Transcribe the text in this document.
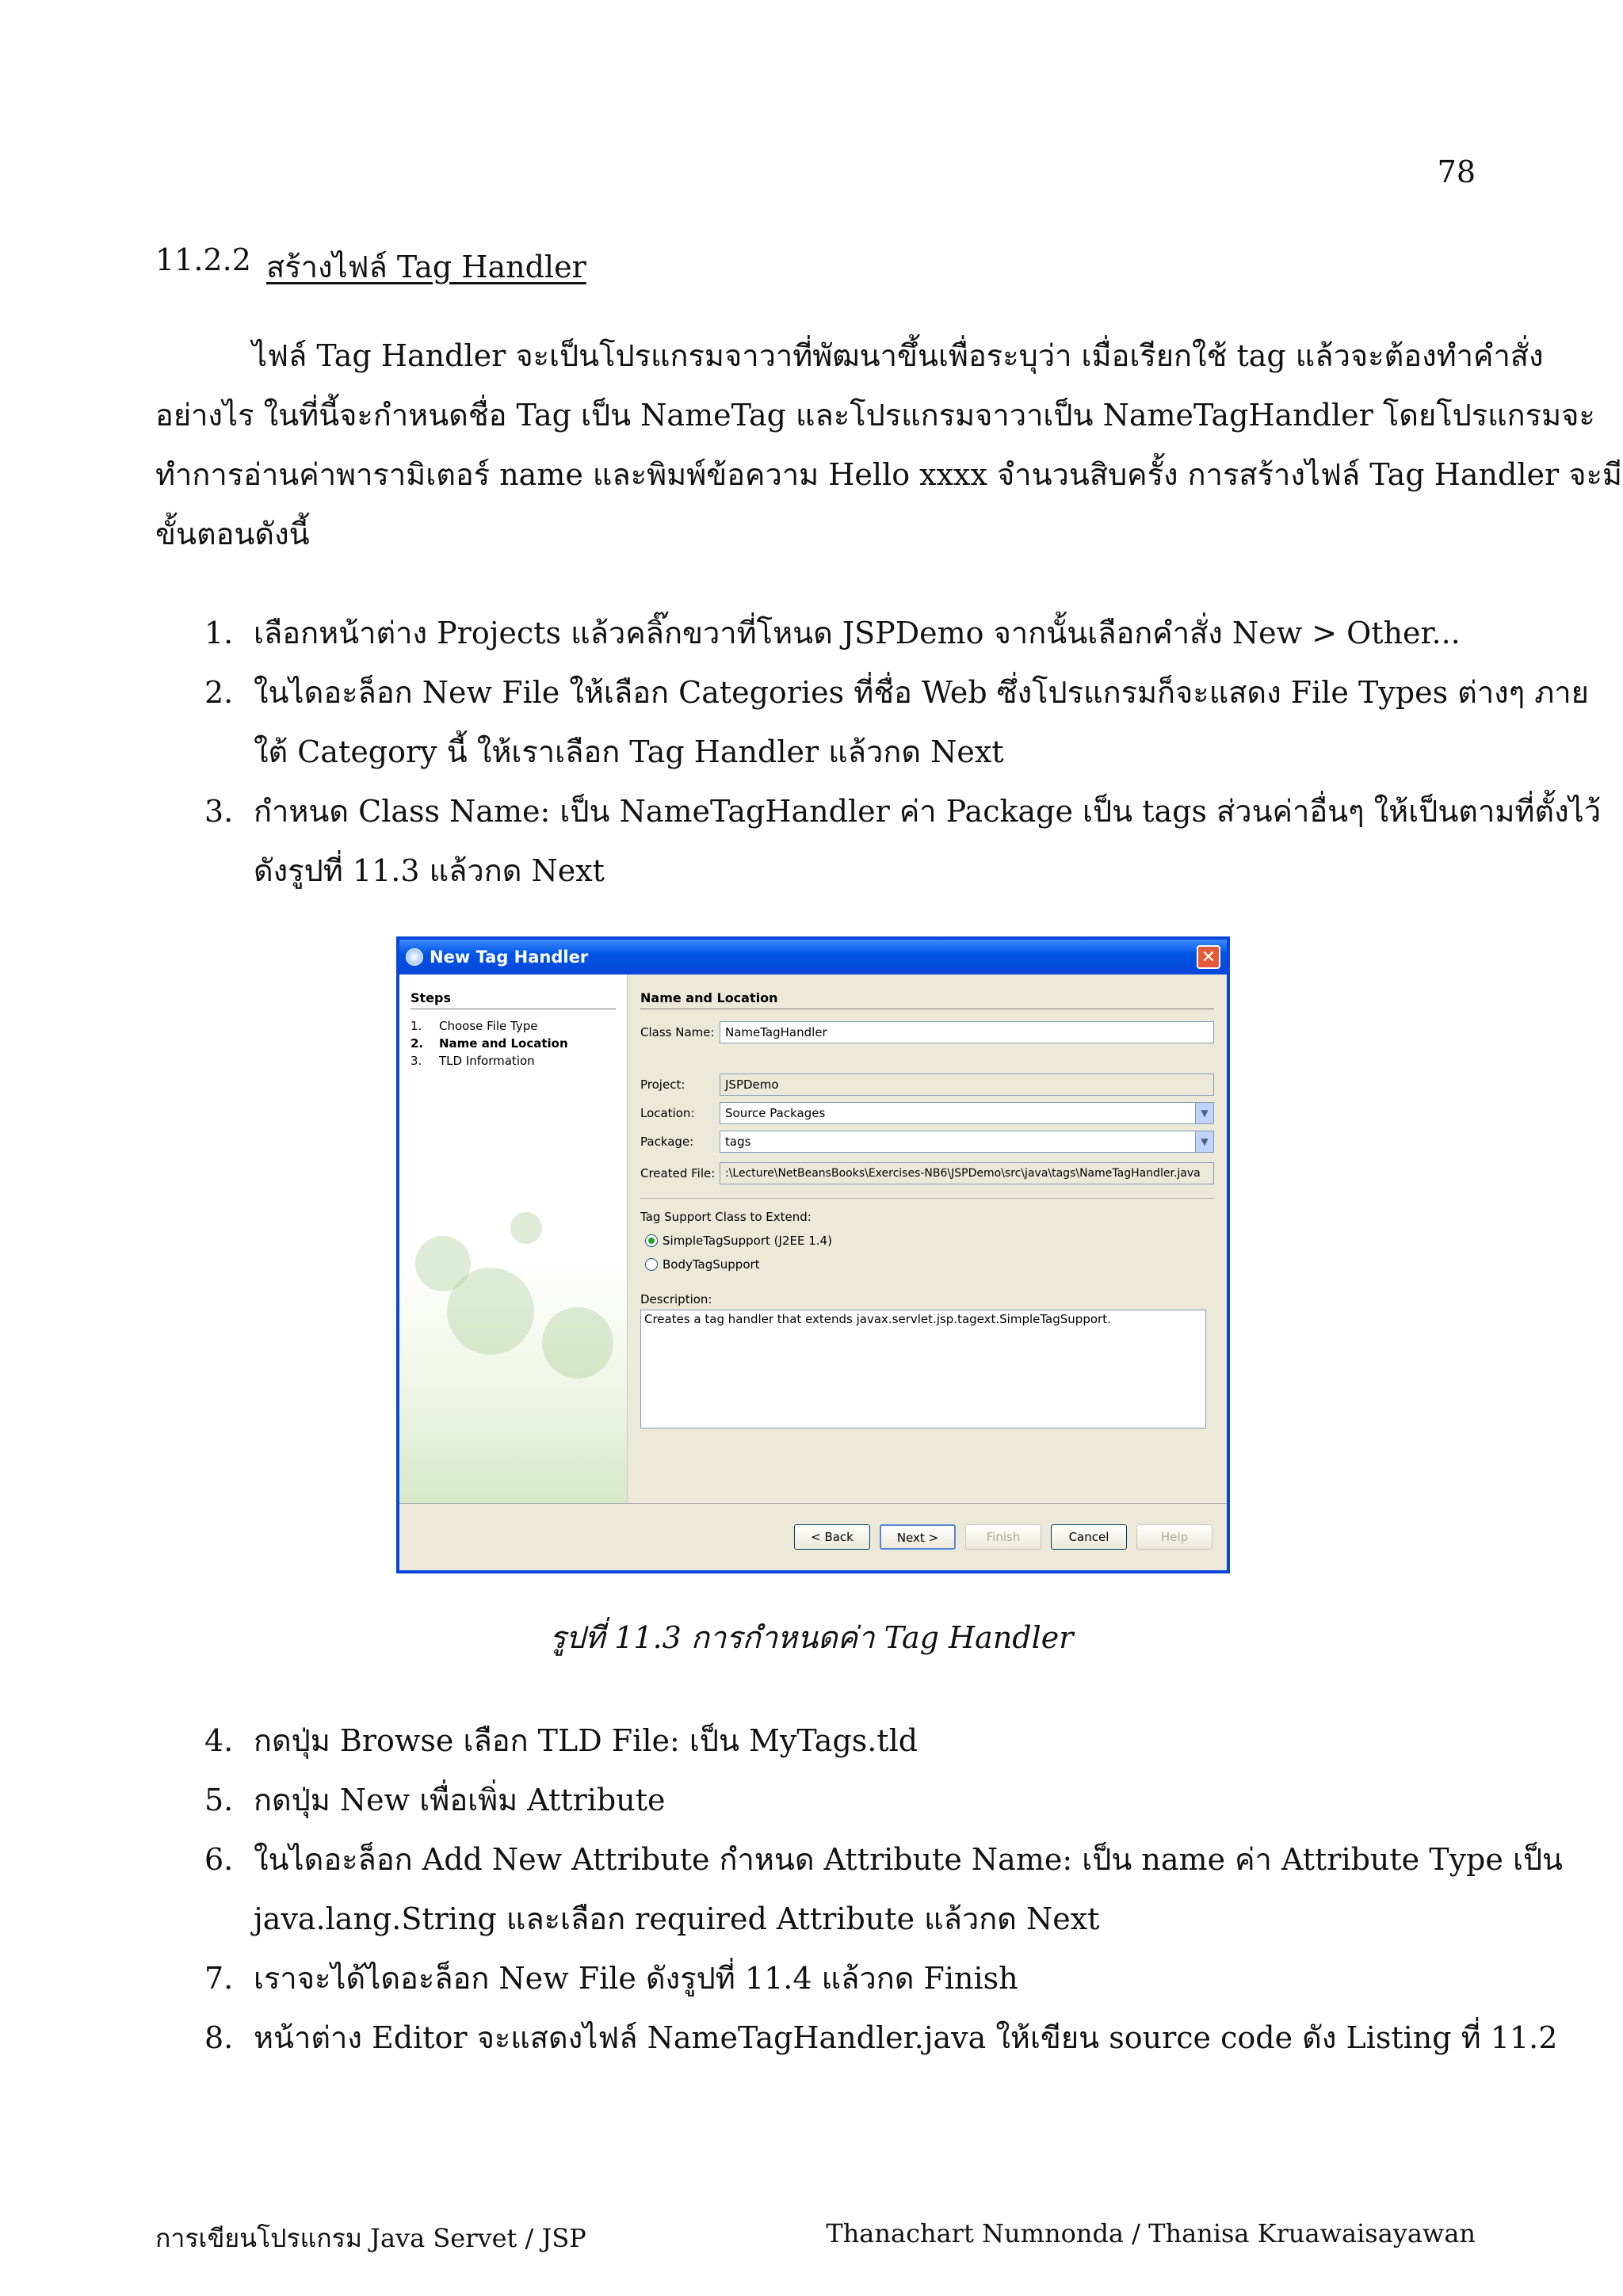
78
11.2.2 สร้างไฟล์ Tag Handler
ไฟล์ Tag Handler จะเป็นโปรแกรมจาวาที่พัฒนาขึ้นเพื่อระบุว่า เมื่อเรียกใช้ tag แล้วจะต้องทำคำสั่ง
อย่างไร ในที่นี้จะกำหนดชื่อ Tag เป็น NameTag และโปรแกรมจาวาเป็น NameTagHandler โดยโปรแกรมจะ
ทำการอ่านค่าพารามิเตอร์ name และพิมพ์ข้อความ Hello xxxx จำนวนสิบครั้ง การสร้างไฟล์ Tag Handler จะมี
ขั้นตอนดังนี้
1. เลือกหน้าต่าง Projects แล้วคลิ๊กขวาที่โหนด JSPDemo จากนั้นเลือกคำสั่ง New > Other...
2. ในไดอะล็อก New File ให้เลือก Categories ที่ชื่อ Web ซึ่งโปรแกรมก็จะแสดง File Types ต่างๆ ภาย
ใต้ Category นี้ ให้เราเลือก Tag Handler แล้วกด Next
3. กำหนด Class Name: เป็น NameTagHandler ค่า Package เป็น tags ส่วนค่าอื่นๆ ให้เป็นตามที่ตั้งไว้
ดังรูปที่ 11.3 แล้วกด Next
New Tag Handler	✕
Steps
1.	Choose File Type
2.	Name and Location
3.	TLD Information
Name and Location
Class Name: NameTagHandler
Project:	JSPDemo
Location:	Source Packages	▼
Package:	tags	▼
Created File: :\Lecture\NetBeansBooks\Exercises-NB6\JSPDemo\src\java\tags\NameTagHandler.java
Tag Support Class to Extend:
SimpleTagSupport (J2EE 1.4)
BodyTagSupport
Description:
Creates a tag handler that extends javax.servlet.jsp.tagext.SimpleTagSupport.
< Back	Next >	Finish	Cancel	Help
รูปที่ 11.3 การกำหนดค่า Tag Handler
4. กดปุ่ม Browse เลือก TLD File: เป็น MyTags.tld
5. กดปุ่ม New เพื่อเพิ่ม Attribute
6. ในไดอะล็อก Add New Attribute กำหนด Attribute Name: เป็น name ค่า Attribute Type เป็น
java.lang.String และเลือก required Attribute แล้วกด Next
7. เราจะได้ไดอะล็อก New File ดังรูปที่ 11.4 แล้วกด Finish
8. หน้าต่าง Editor จะแสดงไฟล์ NameTagHandler.java ให้เขียน source code ดัง Listing ที่ 11.2
การเขียนโปรแกรม Java Servet / JSP	Thanachart Numnonda / Thanisa Kruawaisayawan
